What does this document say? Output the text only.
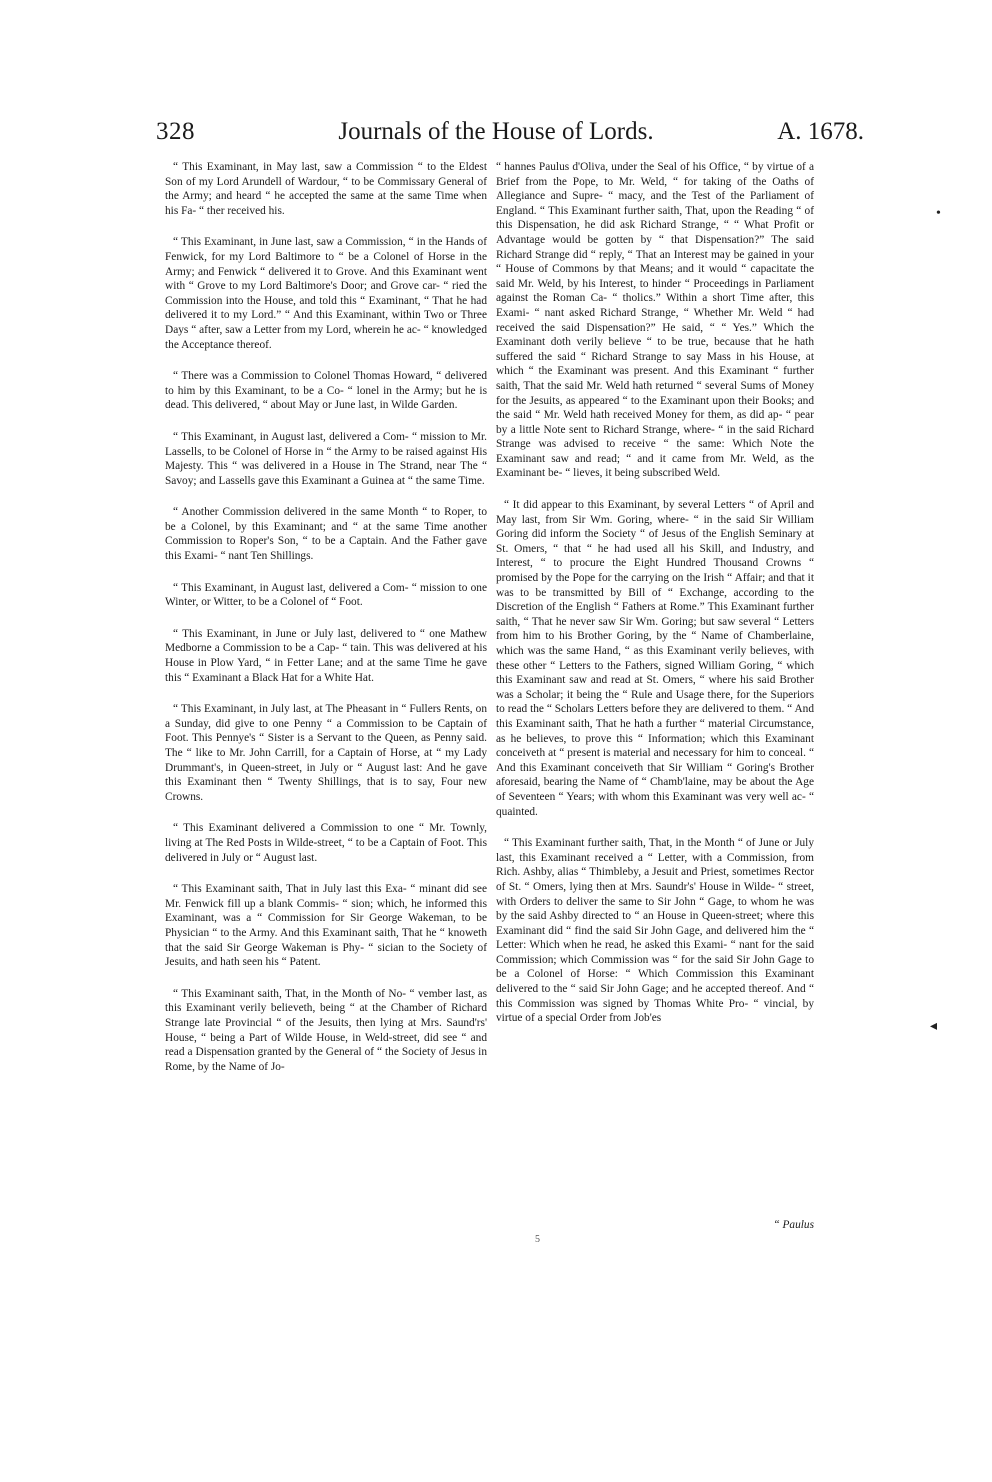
328	Journals of the House of Lords.	A. 1678.

“ This Examinant, in May last, saw a Commission “ to the Eldest Son of my Lord Arundell of Wardour, “ to be Commissary General of the Army; and heard “ he accepted the same at the same Time when his Fa- “ ther received his.

“ This Examinant, in June last, saw a Commission, “ in the Hands of Fenwick, for my Lord Baltimore to “ be a Colonel of Horse in the Army; and Fenwick “ delivered it to Grove. And this Examinant went with “ Grove to my Lord Baltimore's Door; and Grove car- “ ried the Commission into the House, and told this “ Examinant, “ That he had delivered it to my Lord.” “ And this Examinant, within Two or Three Days “ after, saw a Letter from my Lord, wherein he ac- “ knowledged the Acceptance thereof.

“ There was a Commission to Colonel Thomas Howard, “ delivered to him by this Examinant, to be a Co- “ lonel in the Army; but he is dead. This delivered, “ about May or June last, in Wilde Garden.

“ This Examinant, in August last, delivered a Com- “ mission to Mr. Lassells, to be Colonel of Horse in “ the Army to be raised against His Majesty. This “ was delivered in a House in The Strand, near The “ Savoy; and Lassells gave this Examinant a Guinea at “ the same Time.

“ Another Commission delivered in the same Month “ to Roper, to be a Colonel, by this Examinant; and “ at the same Time another Commission to Roper's Son, “ to be a Captain. And the Father gave this Exami- “ nant Ten Shillings.

“ This Examinant, in August last, delivered a Com- “ mission to one Winter, or Witter, to be a Colonel of “ Foot.

“ This Examinant, in June or July last, delivered to “ one Mathew Medborne a Commission to be a Cap- “ tain. This was delivered at his House in Plow Yard, “ in Fetter Lane; and at the same Time he gave this “ Examinant a Black Hat for a White Hat.

“ This Examinant, in July last, at The Pheasant in “ Fullers Rents, on a Sunday, did give to one Penny “ a Commission to be Captain of Foot. This Pennye's “ Sister is a Servant to the Queen, as Penny said. The “ like to Mr. John Carrill, for a Captain of Horse, at “ my Lady Drummant's, in Queen-street, in July or “ August last: And he gave this Examinant then “ Twenty Shillings, that is to say, Four new Crowns.

“ This Examinant delivered a Commission to one “ Mr. Townly, living at The Red Posts in Wilde-street, “ to be a Captain of Foot. This delivered in July or “ August last.

“ This Examinant saith, That in July last this Exa- “ minant did see Mr. Fenwick fill up a blank Commis- “ sion; which, he informed this Examinant, was a “ Commission for Sir George Wakeman, to be Physician “ to the Army. And this Examinant saith, That he “ knoweth that the said Sir George Wakeman is Phy- “ sician to the Society of Jesuits, and hath seen his “ Patent.

“ This Examinant saith, That, in the Month of No- “ vember last, as this Examinant verily believeth, being “ at the Chamber of Richard Strange late Provincial “ of the Jesuits, then lying at Mrs. Saund'rs' House, “ being a Part of Wilde House, in Weld-street, did see “ and read a Dispensation granted by the General of “ the Society of Jesus in Rome, by the Name of Jo-

“ hannes Paulus d'Oliva, under the Seal of his Office, “ by virtue of a Brief from the Pope, to Mr. Weld, “ for taking of the Oaths of Allegiance and Supre- “ macy, and the Test of the Parliament of England. “ This Examinant further saith, That, upon the Reading “ of this Dispensation, he did ask Richard Strange, “ “ What Profit or Advantage would be gotten by “ that Dispensation?” The said Richard Strange did “ reply, “ That an Interest may be gained in your “ House of Commons by that Means; and it would “ capacitate the said Mr. Weld, by his Interest, to hinder “ Proceedings in Parliament against the Roman Ca- “ tholics.” Within a short Time after, this Exami- “ nant asked Richard Strange, “ Whether Mr. Weld “ had received the said Dispensation?” He said, “ “ Yes.” Which the Examinant doth verily believe “ to be true, because that he hath suffered the said “ Richard Strange to say Mass in his House, at which “ the Examinant was present. And this Examinant “ further saith, That the said Mr. Weld hath returned “ several Sums of Money for the Jesuits, as appeared “ to the Examinant upon their Books; and the said “ Mr. Weld hath received Money for them, as did ap- “ pear by a little Note sent to Richard Strange, where- “ in the said Richard Strange was advised to receive “ the same: Which Note the Examinant saw and read; “ and it came from Mr. Weld, as the Examinant be- “ lieves, it being subscribed Weld.

“ It did appear to this Examinant, by several Letters “ of April and May last, from Sir Wm. Goring, where- “ in the said Sir William Goring did inform the Society “ of Jesus of the English Seminary at St. Omers, “ that “ he had used all his Skill, and Industry, and Interest, “ to procure the Eight Hundred Thousand Crowns “ promised by the Pope for the carrying on the Irish “ Affair; and that it was to be transmitted by Bill of “ Exchange, according to the Discretion of the English “ Fathers at Rome.” This Examinant further saith, “ That he never saw Sir Wm. Goring; but saw several “ Letters from him to his Brother Goring, by the “ Name of Chamberlaine, which was the same Hand, “ as this Examinant verily believes, with these other “ Letters to the Fathers, signed William Goring, “ which this Examinant saw and read at St. Omers, “ where his said Brother was a Scholar; it being the “ Rule and Usage there, for the Superiors to read the “ Scholars Letters before they are delivered to them. “ And this Examinant saith, That he hath a further “ material Circumstance, as he believes, to prove this “ Information; which this Examinant conceiveth at “ present is material and necessary for him to conceal. “ And this Examinant conceiveth that Sir William “ Goring's Brother aforesaid, bearing the Name of “ Chamb'laine, may be about the Age of Seventeen “ Years; with whom this Examinant was very well ac- “ quainted.

“ This Examinant further saith, That, in the Month “ of June or July last, this Examinant received a “ Letter, with a Commission, from Rich. Ashby, alias “ Thimbleby, a Jesuit and Priest, sometimes Rector of St. “ Omers, lying then at Mrs. Saundr's' House in Wilde- “ street, with Orders to deliver the same to Sir John “ Gage, to whom he was by the said Ashby directed to “ an House in Queen-street; where this Examinant did “ find the said Sir John Gage, and delivered him the “ Letter: Which when he read, he asked this Exami- “ nant for the said Commission; which Commission was “ for the said Sir John Gage to be a Colonel of Horse: “ Which Commission this Examinant delivered to the “ said Sir John Gage; and he accepted thereof. And “ this Commission was signed by Thomas White Pro- “ vincial, by virtue of a special Order from Job'es

“ Paulus
5
•
◂
